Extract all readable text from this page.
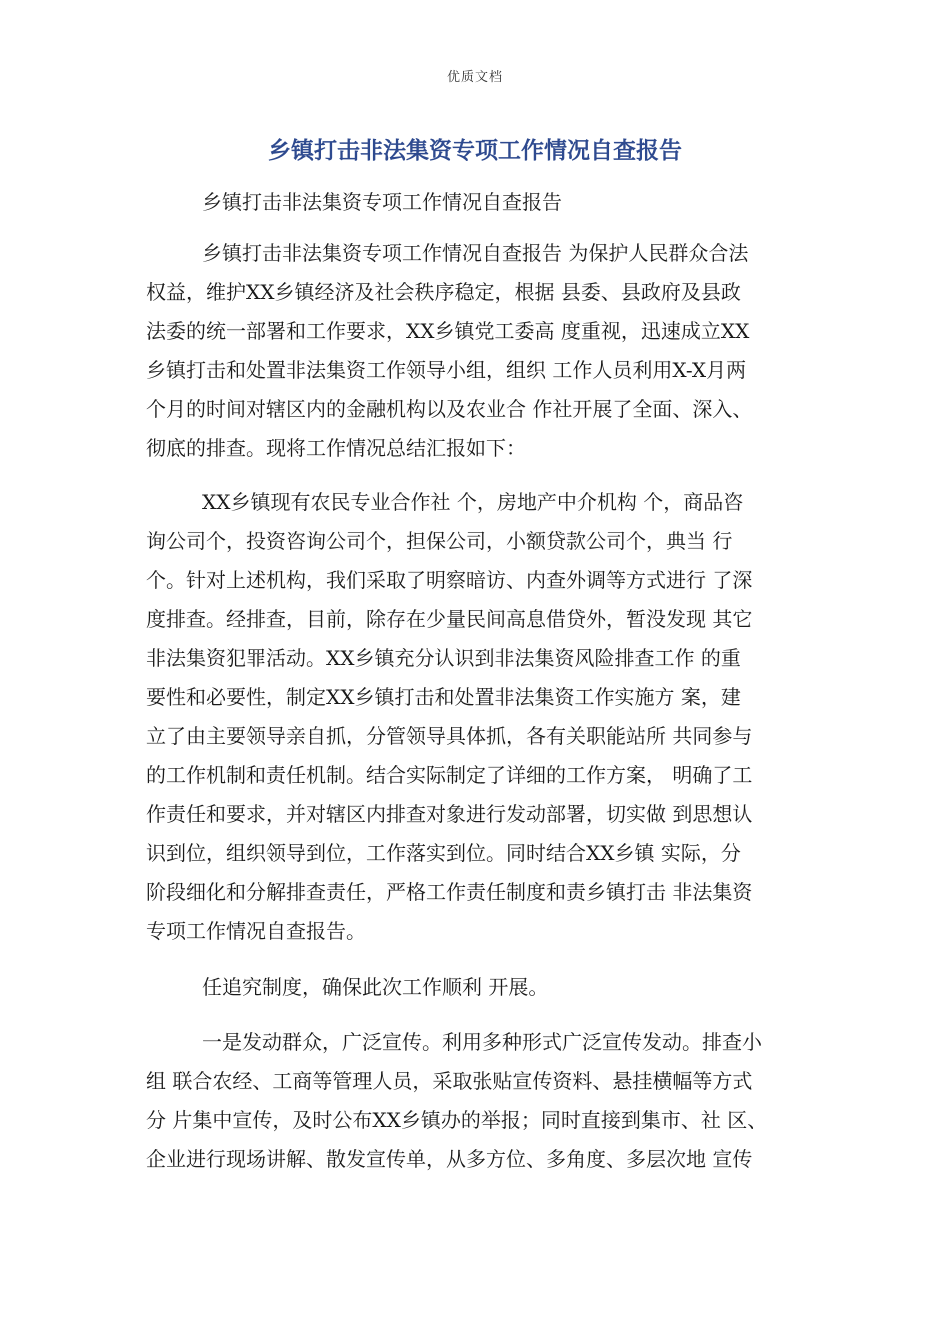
优质文档
乡镇打击非法集资专项工作情况自查报告
乡镇打击非法集资专项工作情况自查报告
乡镇打击非法集资专项工作情况自查报告 为保护人民群众合法
权益，维护XX乡镇经济及社会秩序稳定，根据 县委、县政府及县政
法委的统一部署和工作要求，XX乡镇党工委高 度重视，迅速成立XX
乡镇打击和处置非法集资工作领导小组，组织 工作人员利用X-X月两
个月的时间对辖区内的金融机构以及农业合 作社开展了全面、深入、
彻底的排查。现将工作情况总结汇报如下：
XX乡镇现有农民专业合作社 个，房地产中介机构 个，商品咨
询公司个，投资咨询公司个，担保公司，小额贷款公司个，典当 行
个。针对上述机构，我们采取了明察暗访、内查外调等方式进行 了深
度排查。经排查，目前，除存在少量民间高息借贷外，暂没发现 其它
非法集资犯罪活动。XX乡镇充分认识到非法集资风险排查工作 的重
要性和必要性，制定XX乡镇打击和处置非法集资工作实施方 案，建
立了由主要领导亲自抓，分管领导具体抓，各有关职能站所 共同参与
的工作机制和责任机制。结合实际制定了详细的工作方案， 明确了工
作责任和要求，并对辖区内排查对象进行发动部署，切实做 到思想认
识到位，组织领导到位，工作落实到位。同时结合XX乡镇 实际，分
阶段细化和分解排查责任，严格工作责任制度和责乡镇打击 非法集资
专项工作情况自查报告。
任追究制度，确保此次工作顺利 开展。
一是发动群众，广泛宣传。利用多种形式广泛宣传发动。排查小
组 联合农经、工商等管理人员，采取张贴宣传资料、悬挂横幅等方式
分 片集中宣传，及时公布XX乡镇办的举报；同时直接到集市、社 区、
企业进行现场讲解、散发宣传单，从多方位、多角度、多层次地 宣传
